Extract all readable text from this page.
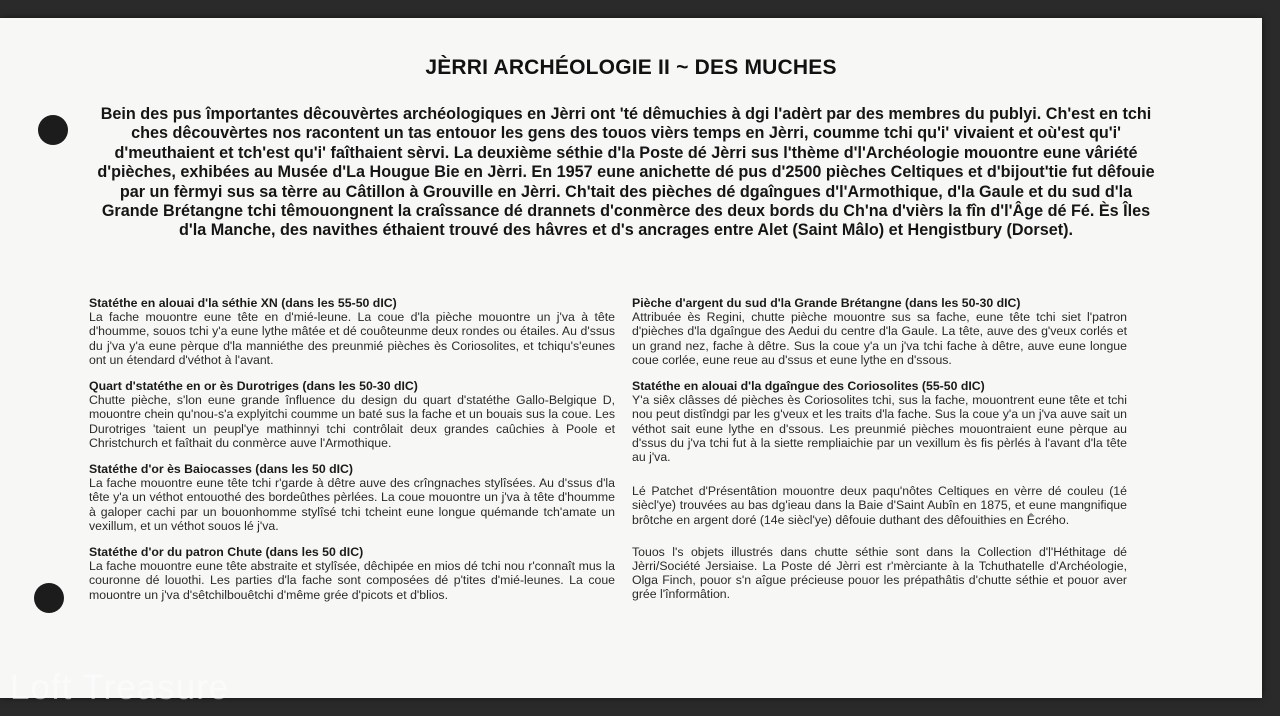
JÈRRI ARCHÉOLOGIE II ~ DES MUCHES
Bein des pus împortantes dêcouvèrtes archéologiques en Jèrri ont 'té dêmuchies à dgi l'adèrt par des membres du publyi. Ch'est en tchi ches dêcouvèrtes nos racontent un tas entouor les gens des touos vièrs temps en Jèrri, coumme tchi qu'i' vivaient et où'est qu'i' d'meuthaient et tch'est qu'i' faîthaient sèrvi. La deuxième séthie d'la Poste dé Jèrri sus l'thème d'l'Archéologie mouontre eune vâriété d'pièches, exhibées au Musée d'La Hougue Bie en Jèrri. En 1957 eune anichette dé pus d'2500 pièches Celtiques et d'bijout'tie fut dêfouie par un fèrmyi sus sa tèrre au Câtillon à Grouville en Jèrri. Ch'tait des pièches dé dgaîngues d'l'Armothique, d'la Gaule et du sud d'la Grande Brétangne tchi têmouongnent la craîssance dé drannets d'conmèrce des deux bords du Ch'na d'vièrs la fîn d'l'Âge dé Fé. Ès Îles d'la Manche, des navithes éthaient trouvé des hâvres et d's ancrages entre Alet (Saint Mâlo) et Hengistbury (Dorset).
Statéthe en alouai d'la séthie XN (dans les 55-50 dIC)

La fache mouontre eune tête en d'mié-leune. La coue d'la pièche mouontre un j'va à tête d'houmme, souos tchi y'a eune lythe mâtée et dé couôteunme deux rondes ou étailes. Au d'ssus du j'va y'a eune pèrque d'la manniéthe des preunmié pièches ès Coriosolites, et tchiqu's'eunes ont un étendard d'véthot à l'avant.

Quart d'statéthe en or ès Durotriges (dans les 50-30 dIC)

Chutte pièche, s'lon eune grande înfluence du design du quart d'statéthe Gallo-Belgique D, mouontre chein qu'nou-s'a explyitchi coumme un baté sus la fache et un bouais sus la coue. Les Durotriges 'taient un peupl'ye mathinnyi tchi contrôlait deux grandes caûchies à Poole et Christchurch et faîthait du conmèrce auve l'Armothique.

Statéthe d'or ès Baiocasses (dans les 50 dIC)

La fache mouontre eune tête tchi r'garde à dêtre auve des crîngnaches stylîsées. Au d'ssus d'la tête y'a un véthot entouothé des bordeûthes pèrlées. La coue mouontre un j'va à tête d'houmme à galoper cachi par un bouonhomme stylîsé tchi tcheint eune longue quémande tch'amate un vexillum, et un véthot souos lé j'va.

Statéthe d'or du patron Chute (dans les 50 dIC)

La fache mouontre eune tête abstraite et stylîsée, dêchipée en mios dé tchi nou r'connaît mus la couronne dé louothi. Les parties d'la fache sont composées dé p'tites d'mié-leunes. La coue mouontre un j'va d'sêtchilbouêtchi d'même grée d'picots et d'blios.

Pièche d'argent du sud d'la Grande Brétangne (dans les 50-30 dIC)

Attribuée ès Regini, chutte pièche mouontre sus sa fache, eune tête tchi siet l'patron d'pièches d'la dgaîngue des Aedui du centre d'la Gaule. La tête, auve des g'veux corlés et un grand nez, fache à dêtre. Sus la coue y'a un j'va tchi fache à dêtre, auve eune longue coue corlée, eune reue au d'ssus et eune lythe en d'ssous.

Statéthe en alouai d'la dgaîngue des Coriosolites (55-50 dIC)

Y'a siêx clâsses dé pièches ès Coriosolites tchi, sus la fache, mouontrent eune tête et tchi nou peut distîndgi par les g'veux et les traits d'la fache. Sus la coue y'a un j'va auve sait un véthot sait eune lythe en d'ssous. Les preunmié pièches mouontraient eune pèrque au d'ssus du j'va tchi fut à la siette rempliaichie par un vexillum ès fis pèrlés à l'avant d'la tête au j'va.

Lé Patchet d'Présentâtion mouontre deux paqu'nôtes Celtiques en vèrre dé couleu (1é siècl'ye) trouvées au bas dg'ieau dans la Baie d'Saint Aubîn en 1875, et eune mangnifique brôtche en argent doré (14e siècl'ye) dêfouie duthant des dêfouithies en Êcrého.

Touos l's objets illustrés dans chutte séthie sont dans la Collection d'l'Héthitage dé Jèrri/Société Jersiaise. La Poste dé Jèrri est r'mèrciante à la Tchuthatelle d'Archéologie, Olga Finch, pouor s'n aîgue précieuse pouor les prépathâtis d'chutte séthie et pouor aver grée l'înformâtion.

Loft Treasure
